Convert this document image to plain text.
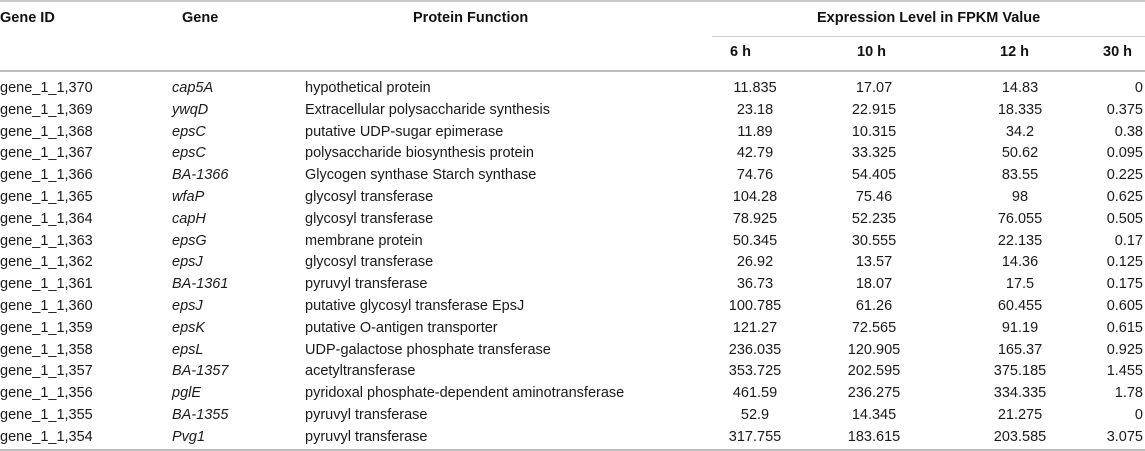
Gene ID	Gene	Protein Function	Expression Level in FPKM Value
6 h	10 h	12 h	30 h
gene_1_1,370	cap5A	hypothetical protein	11.835	17.07	14.83	0
gene_1_1,369	ywqD	Extracellular polysaccharide synthesis	23.18	22.915	18.335	0.375
gene_1_1,368	epsC	putative UDP-sugar epimerase	11.89	10.315	34.2	0.38
gene_1_1,367	epsC	polysaccharide biosynthesis protein	42.79	33.325	50.62	0.095
gene_1_1,366	BA-1366	Glycogen synthase Starch synthase	74.76	54.405	83.55	0.225
gene_1_1,365	wfaP	glycosyl transferase	104.28	75.46	98	0.625
gene_1_1,364	capH	glycosyl transferase	78.925	52.235	76.055	0.505
gene_1_1,363	epsG	membrane protein	50.345	30.555	22.135	0.17
gene_1_1,362	epsJ	glycosyl transferase	26.92	13.57	14.36	0.125
gene_1_1,361	BA-1361	pyruvyl transferase	36.73	18.07	17.5	0.175
gene_1_1,360	epsJ	putative glycosyl transferase EpsJ	100.785	61.26	60.455	0.605
gene_1_1,359	epsK	putative O-antigen transporter	121.27	72.565	91.19	0.615
gene_1_1,358	epsL	UDP-galactose phosphate transferase	236.035	120.905	165.37	0.925
gene_1_1,357	BA-1357	acetyltransferase	353.725	202.595	375.185	1.455
gene_1_1,356	pglE	pyridoxal phosphate-dependent aminotransferase	461.59	236.275	334.335	1.78
gene_1_1,355	BA-1355	pyruvyl transferase	52.9	14.345	21.275	0
gene_1_1,354	Pvg1	pyruvyl transferase	317.755	183.615	203.585	3.075
